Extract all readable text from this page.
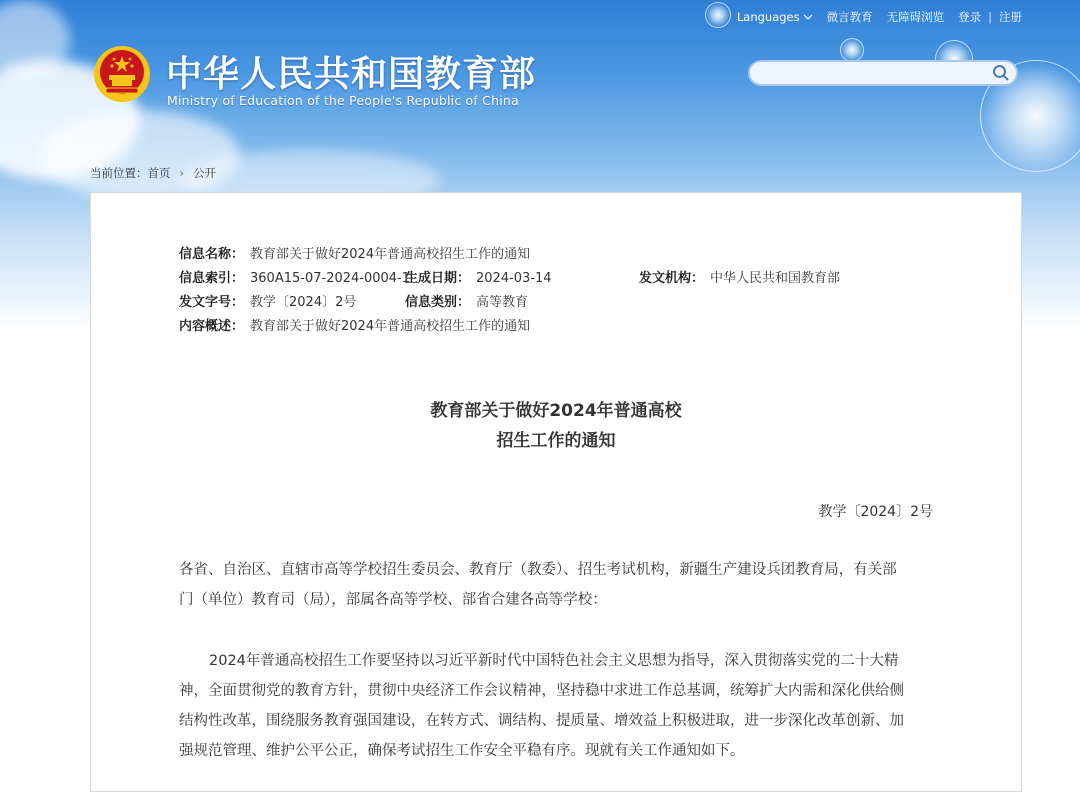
Languages 微言教育 无障碍浏览 登录 | 注册
中华人民共和国教育部
Ministry of Education of the People's Republic of China
当前位置：首页 › 公开
信息名称： 教育部关于做好2024年普通高校招生工作的通知
信息索引： 360A15-07-2024-0004-1
生成日期： 2024-03-14	发文机构： 中华人民共和国教育部
发文字号： 教学〔2024〕2号	信息类别： 高等教育
内容概述： 教育部关于做好2024年普通高校招生工作的通知
教育部关于做好2024年普通高校
招生工作的通知
教学〔2024〕2号
各省、自治区、直辖市高等学校招生委员会、教育厅（教委）、招生考试机构，新疆生产建设兵团教育局，有关部
门（单位）教育司（局），部属各高等学校、部省合建各高等学校：
2024年普通高校招生工作要坚持以习近平新时代中国特色社会主义思想为指导，深入贯彻落实党的二十大精
神，全面贯彻党的教育方针，贯彻中央经济工作会议精神，坚持稳中求进工作总基调，统筹扩大内需和深化供给侧
结构性改革，围绕服务教育强国建设，在转方式、调结构、提质量、增效益上积极进取，进一步深化改革创新、加
强规范管理、维护公平公正，确保考试招生工作安全平稳有序。现就有关工作通知如下。
